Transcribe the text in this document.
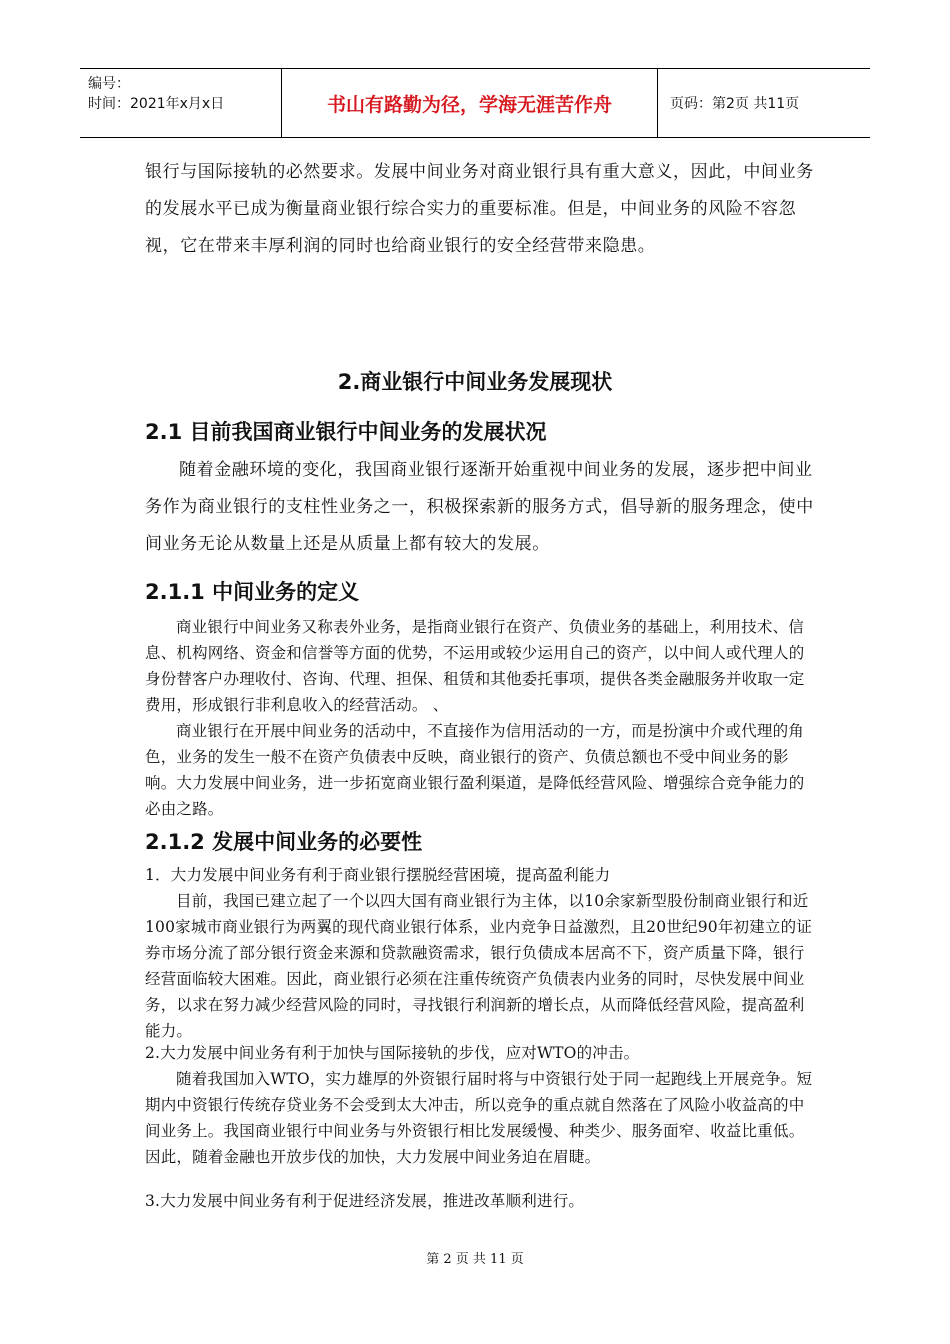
编号：
时间：2021年x月x日	书山有路勤为径，学海无涯苦作舟	页码：第2页 共11页

银行与国际接轨的必然要求。发展中间业务对商业银行具有重大意义，因此，中间业务的发展水平已成为衡量商业银行综合实力的重要标准。但是，中间业务的风险不容忽视，它在带来丰厚利润的同时也给商业银行的安全经营带来隐患。

2.商业银行中间业务发展现状
2.1 目前我国商业银行中间业务的发展状况

随着金融环境的变化，我国商业银行逐渐开始重视中间业务的发展，逐步把中间业务作为商业银行的支柱性业务之一，积极探索新的服务方式，倡导新的服务理念，使中间业务无论从数量上还是从质量上都有较大的发展。

2.1.1 中间业务的定义

商业银行中间业务又称表外业务，是指商业银行在资产、负债业务的基础上，利用技术、信息、机构网络、资金和信誉等方面的优势，不运用或较少运用自己的资产，以中间人或代理人的身份替客户办理收付、咨询、代理、担保、租赁和其他委托事项，提供各类金融服务并收取一定费用，形成银行非利息收入的经营活动。 、

商业银行在开展中间业务的活动中，不直接作为信用活动的一方，而是扮演中介或代理的角色，业务的发生一般不在资产负债表中反映，商业银行的资产、负债总额也不受中间业务的影响。大力发展中间业务，进一步拓宽商业银行盈利渠道，是降低经营风险、增强综合竞争能力的必由之路。

2.1.2 发展中间业务的必要性

1．大力发展中间业务有利于商业银行摆脱经营困境，提高盈利能力

目前，我国已建立起了一个以四大国有商业银行为主体，以10余家新型股份制商业银行和近100家城市商业银行为两翼的现代商业银行体系，业内竞争日益激烈，且20世纪90年初建立的证券市场分流了部分银行资金来源和贷款融资需求，银行负债成本居高不下，资产质量下降，银行经营面临较大困难。因此，商业银行必须在注重传统资产负债表内业务的同时，尽快发展中间业务，以求在努力减少经营风险的同时，寻找银行利润新的增长点，从而降低经营风险，提高盈利能力。

2.大力发展中间业务有利于加快与国际接轨的步伐，应对WTO的冲击。

随着我国加入WTO，实力雄厚的外资银行届时将与中资银行处于同一起跑线上开展竞争。短期内中资银行传统存贷业务不会受到太大冲击，所以竞争的重点就自然落在了风险小收益高的中间业务上。我国商业银行中间业务与外资银行相比发展缓慢、种类少、服务面窄、收益比重低。因此，随着金融也开放步伐的加快，大力发展中间业务迫在眉睫。

3.大力发展中间业务有利于促进经济发展，推进改革顺利进行。

第 2 页 共 11 页
